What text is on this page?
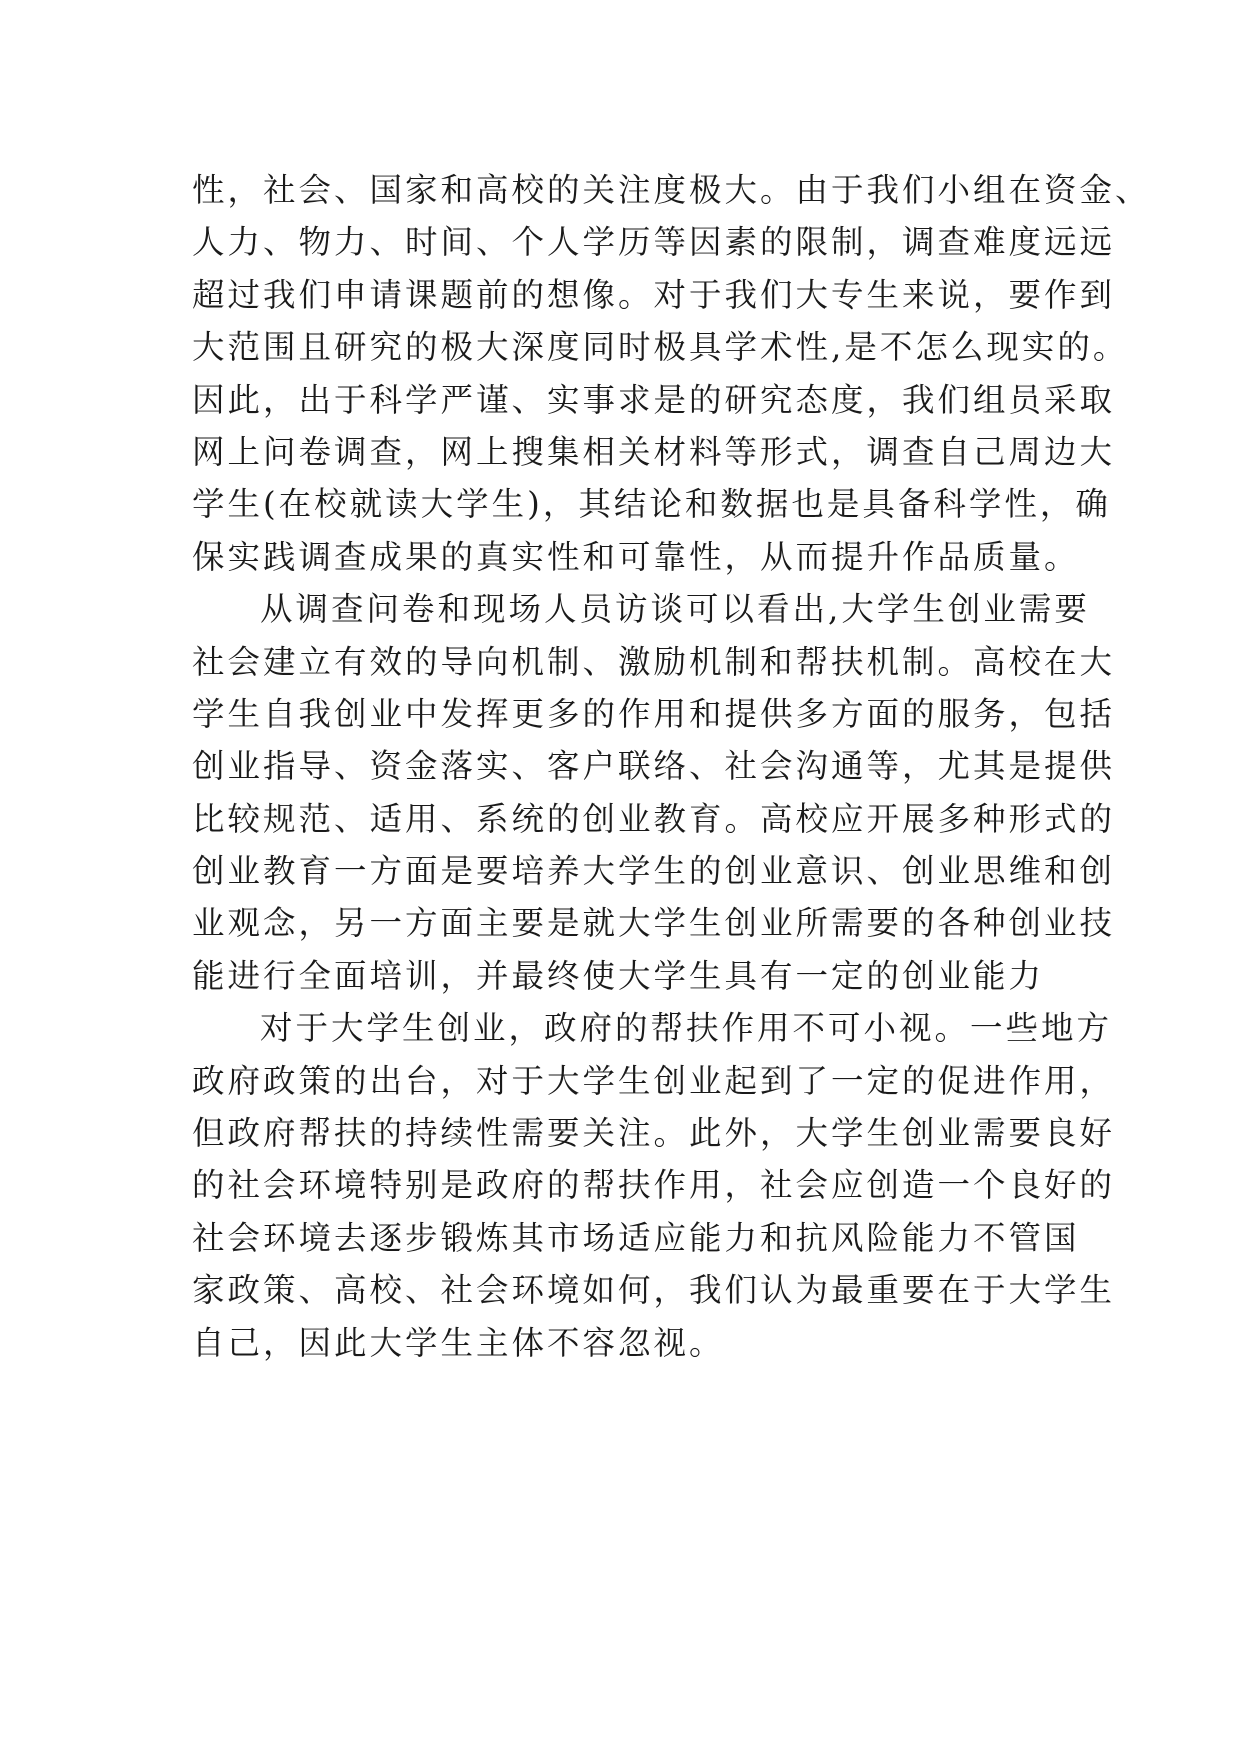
性，社会、国家和高校的关注度极大。由于我们小组在资金、
人力、物力、时间、个人学历等因素的限制，调查难度远远
超过我们申请课题前的想像。对于我们大专生来说，要作到
大范围且研究的极大深度同时极具学术性,是不怎么现实的。
因此，出于科学严谨、实事求是的研究态度，我们组员采取
网上问卷调查，网上搜集相关材料等形式，调查自己周边大
学生(在校就读大学生)，其结论和数据也是具备科学性，确
保实践调查成果的真实性和可靠性，从而提升作品质量。
从调查问卷和现场人员访谈可以看出,大学生创业需要
社会建立有效的导向机制、激励机制和帮扶机制。高校在大
学生自我创业中发挥更多的作用和提供多方面的服务，包括
创业指导、资金落实、客户联络、社会沟通等，尤其是提供
比较规范、适用、系统的创业教育。高校应开展多种形式的
创业教育一方面是要培养大学生的创业意识、创业思维和创
业观念，另一方面主要是就大学生创业所需要的各种创业技
能进行全面培训，并最终使大学生具有一定的创业能力
对于大学生创业，政府的帮扶作用不可小视。一些地方
政府政策的出台，对于大学生创业起到了一定的促进作用，
但政府帮扶的持续性需要关注。此外，大学生创业需要良好
的社会环境特别是政府的帮扶作用，社会应创造一个良好的
社会环境去逐步锻炼其市场适应能力和抗风险能力不管国
家政策、高校、社会环境如何，我们认为最重要在于大学生
自己，因此大学生主体不容忽视。
